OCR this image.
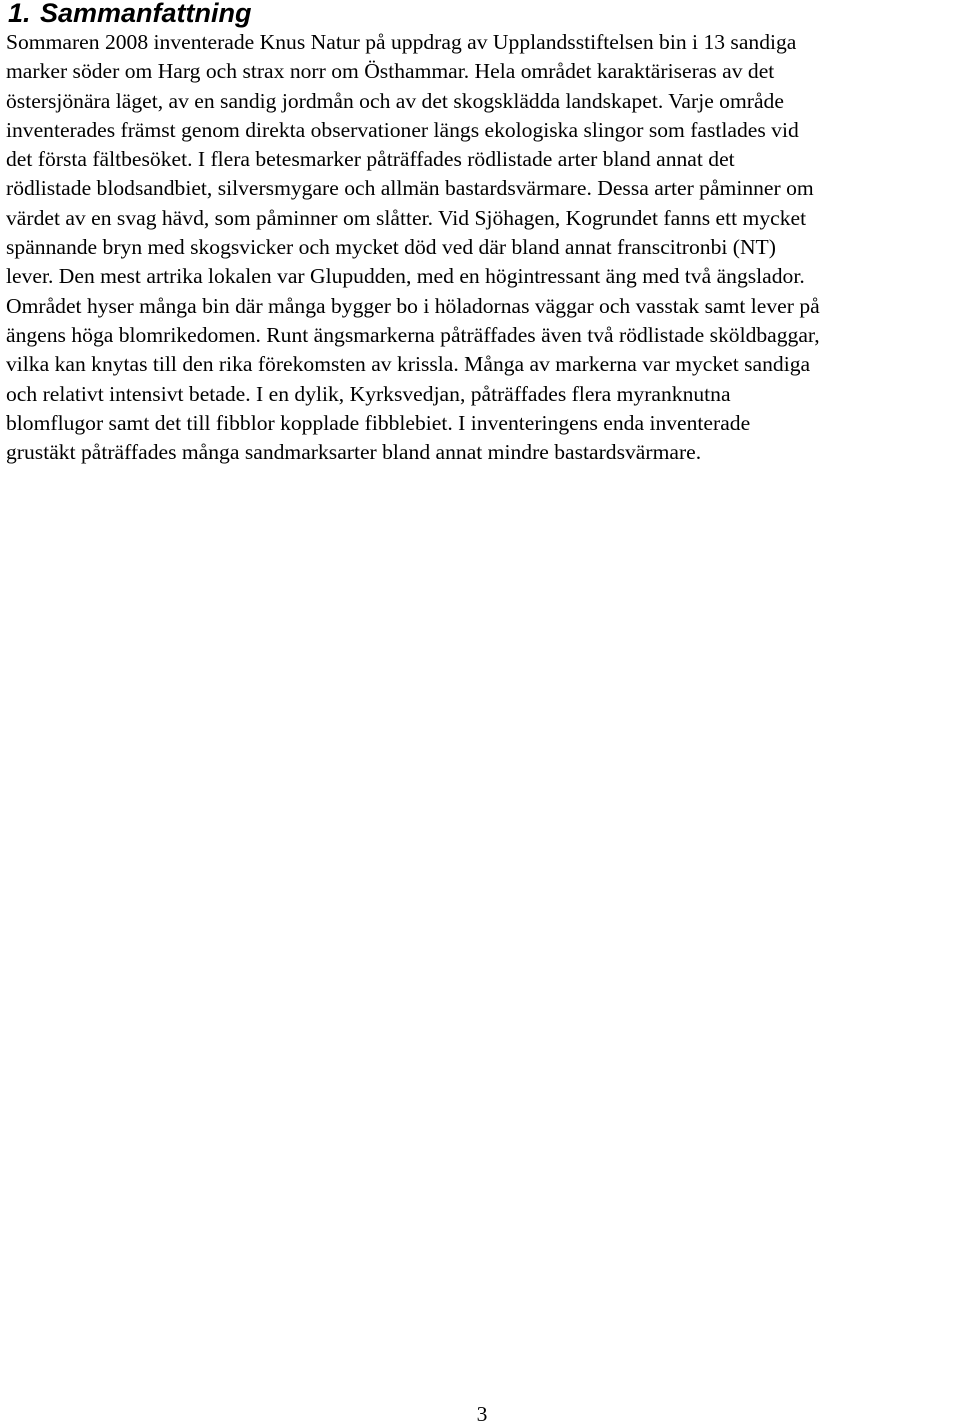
1. Sammanfattning

Sommaren 2008 inventerade Knus Natur på uppdrag av Upplandsstiftelsen bin i 13 sandiga
marker söder om Harg och strax norr om Östhammar. Hela området karaktäriseras av det
östersjönära läget, av en sandig jordmån och av det skogsklädda landskapet. Varje område
inventerades främst genom direkta observationer längs ekologiska slingor som fastlades vid
det första fältbesöket. I flera betesmarker påträffades rödlistade arter bland annat det
rödlistade blodsandbiet, silversmygare och allmän bastardsvärmare. Dessa arter påminner om
värdet av en svag hävd, som påminner om slåtter. Vid Sjöhagen, Kogrundet fanns ett mycket
spännande bryn med skogsvicker och mycket död ved där bland annat franscitronbi (NT)
lever. Den mest artrika lokalen var Glupudden, med en högintressant äng med två ängslador.
Området hyser många bin där många bygger bo i höladornas väggar och vasstak samt lever på
ängens höga blomrikedomen. Runt ängsmarkerna påträffades även två rödlistade sköldbaggar,
vilka kan knytas till den rika förekomsten av krissla. Många av markerna var mycket sandiga
och relativt intensivt betade. I en dylik, Kyrksvedjan, påträffades flera myranknutna
blomflugor samt det till fibblor kopplade fibblebiet. I inventeringens enda inventerade
grustäkt påträffades många sandmarksarter bland annat mindre bastardsvärmare.

3
